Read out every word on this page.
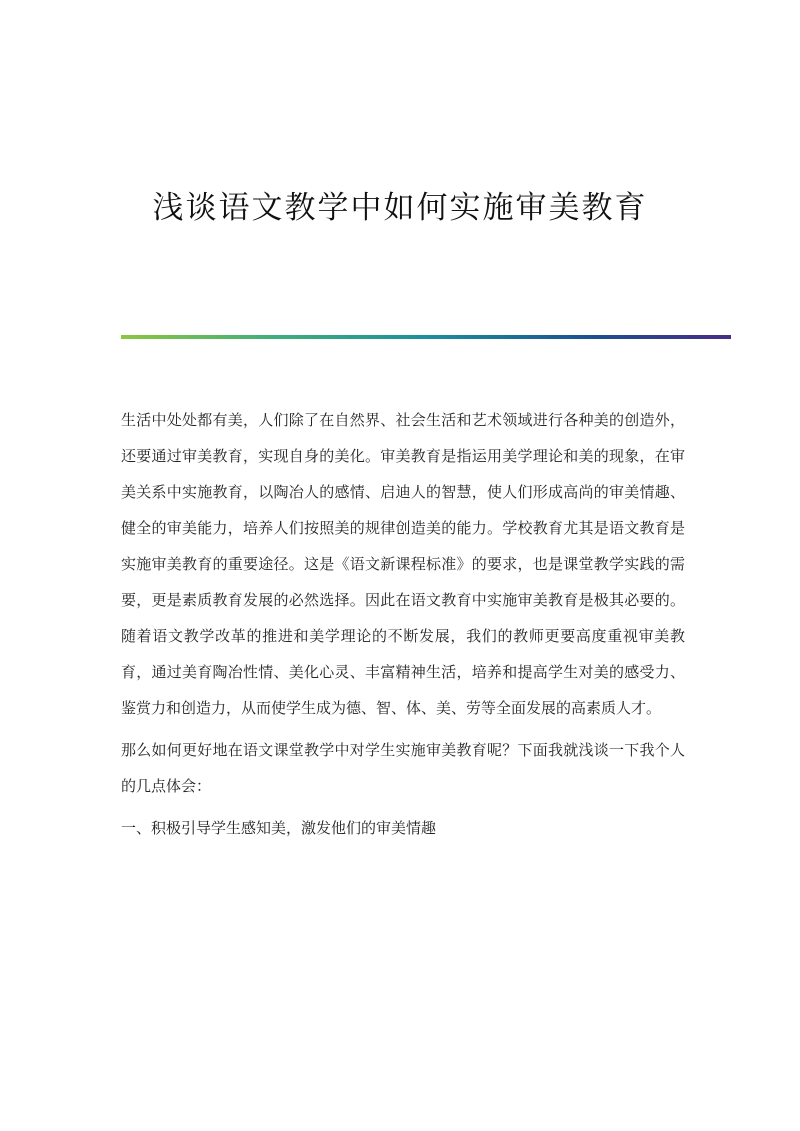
浅谈语文教学中如何实施审美教育

生活中处处都有美，人们除了在自然界、社会生活和艺术领域进行各种美的创造外，还要通过审美教育，实现自身的美化。审美教育是指运用美学理论和美的现象，在审美关系中实施教育，以陶冶人的感情、启迪人的智慧，使人们形成高尚的审美情趣、健全的审美能力，培养人们按照美的规律创造美的能力。学校教育尤其是语文教育是实施审美教育的重要途径。这是《语文新课程标准》的要求，也是课堂教学实践的需要，更是素质教育发展的必然选择。因此在语文教育中实施审美教育是极其必要的。随着语文教学改革的推进和美学理论的不断发展，我们的教师更要高度重视审美教育，通过美育陶冶性情、美化心灵、丰富精神生活，培养和提高学生对美的感受力、鉴赏力和创造力，从而使学生成为德、智、体、美、劳等全面发展的高素质人才。

那么如何更好地在语文课堂教学中对学生实施审美教育呢？下面我就浅谈一下我个人的几点体会：

一、积极引导学生感知美，激发他们的审美情趣
